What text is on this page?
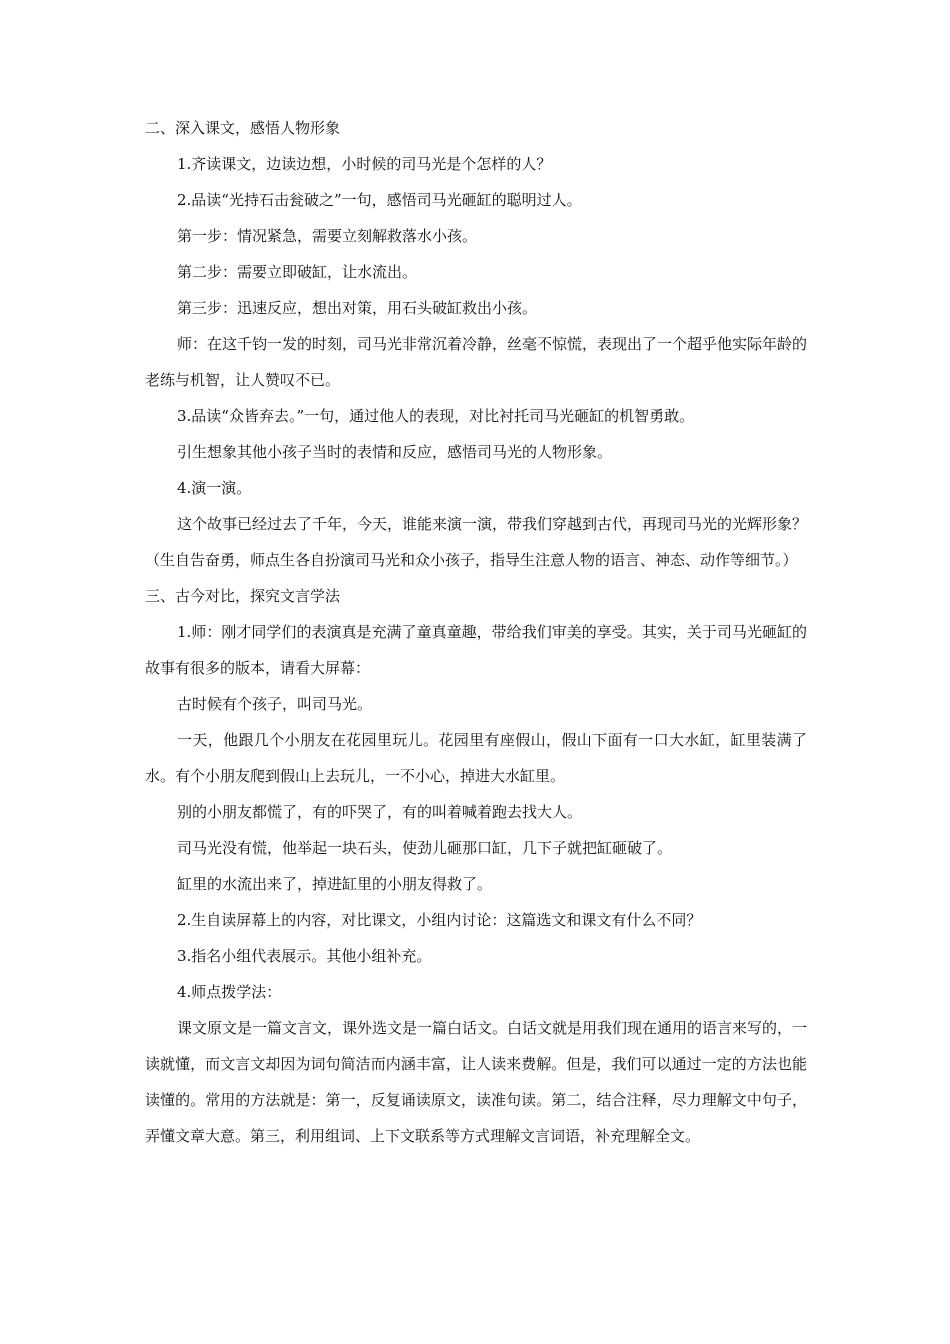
二、深入课文，感悟人物形象

1.齐读课文，边读边想，小时候的司马光是个怎样的人？

2.品读“光持石击瓮破之”一句，感悟司马光砸缸的聪明过人。

第一步：情况紧急，需要立刻解救落水小孩。

第二步：需要立即破缸，让水流出。

第三步：迅速反应，想出对策，用石头破缸救出小孩。

师：在这千钧一发的时刻，司马光非常沉着冷静，丝毫不惊慌，表现出了一个超乎他实际年龄的老练与机智，让人赞叹不已。

3.品读“众皆弃去。”一句，通过他人的表现，对比衬托司马光砸缸的机智勇敢。

引生想象其他小孩子当时的表情和反应，感悟司马光的人物形象。

4.演一演。

这个故事已经过去了千年，今天，谁能来演一演，带我们穿越到古代，再现司马光的光辉形象？（生自告奋勇，师点生各自扮演司马光和众小孩子，指导生注意人物的语言、神态、动作等细节。）

三、古今对比，探究文言学法

1.师：刚才同学们的表演真是充满了童真童趣，带给我们审美的享受。其实，关于司马光砸缸的故事有很多的版本，请看大屏幕：

古时候有个孩子，叫司马光。

一天，他跟几个小朋友在花园里玩儿。花园里有座假山，假山下面有一口大水缸，缸里装满了水。有个小朋友爬到假山上去玩儿，一不小心，掉进大水缸里。

别的小朋友都慌了，有的吓哭了，有的叫着喊着跑去找大人。

司马光没有慌，他举起一块石头，使劲儿砸那口缸，几下子就把缸砸破了。

缸里的水流出来了，掉进缸里的小朋友得救了。

2.生自读屏幕上的内容，对比课文，小组内讨论：这篇选文和课文有什么不同？

3.指名小组代表展示。其他小组补充。

4.师点拨学法：

课文原文是一篇文言文，课外选文是一篇白话文。白话文就是用我们现在通用的语言来写的，一读就懂，而文言文却因为词句简洁而内涵丰富，让人读来费解。但是，我们可以通过一定的方法也能读懂的。常用的方法就是：第一，反复诵读原文，读准句读。第二，结合注释，尽力理解文中句子，弄懂文章大意。第三，利用组词、上下文联系等方式理解文言词语，补充理解全文。
